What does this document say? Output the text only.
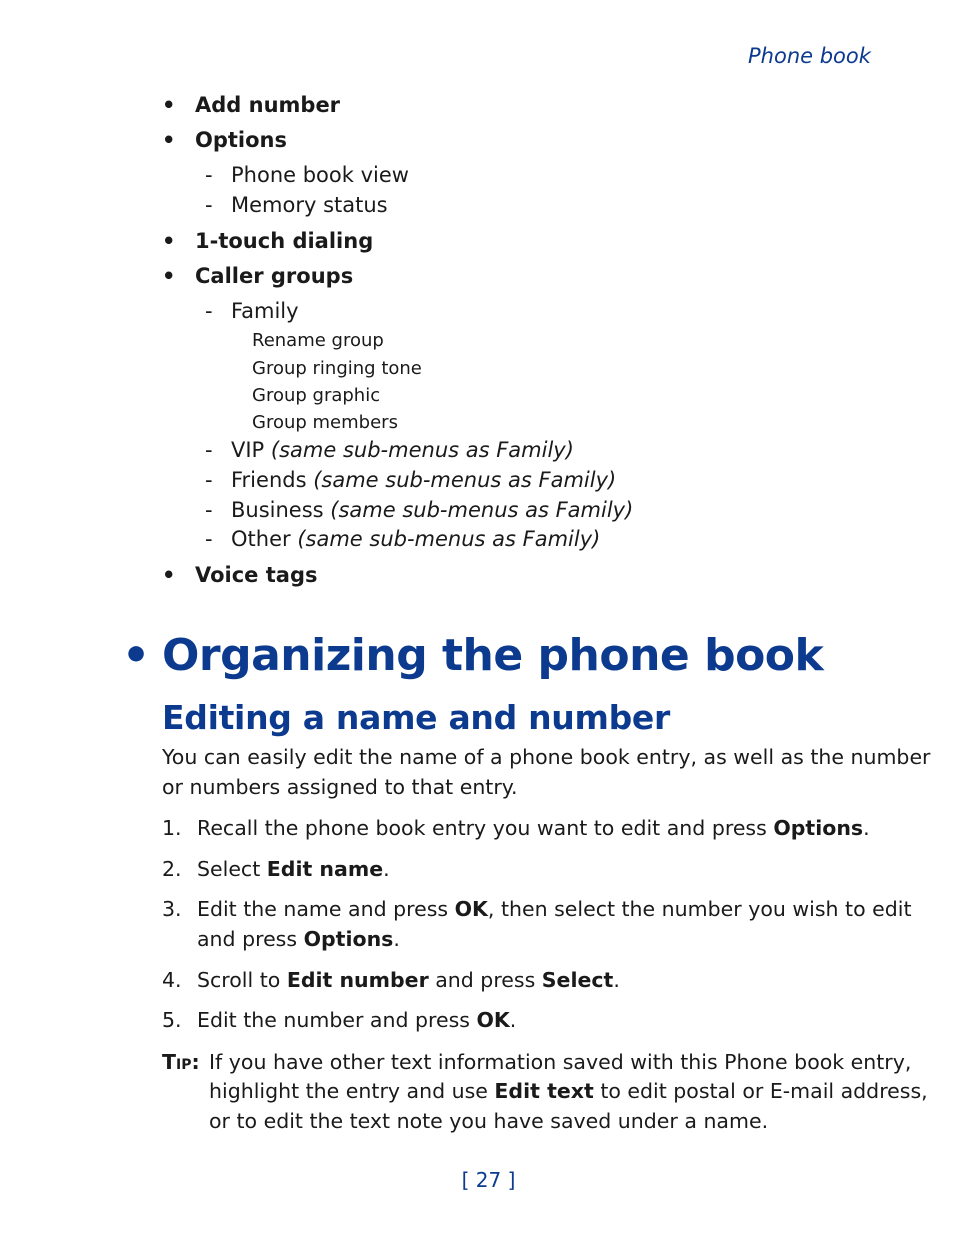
Phone book
• Add number
• Options
- Phone book view
- Memory status
• 1-touch dialing
• Caller groups
- Family
Rename group
Group ringing tone
Group graphic
Group members
- VIP (same sub-menus as Family)
- Friends (same sub-menus as Family)
- Business (same sub-menus as Family)
- Other (same sub-menus as Family)
• Voice tags
• Organizing the phone book
Editing a name and number
You can easily edit the name of a phone book entry, as well as the number
or numbers assigned to that entry.
1. Recall the phone book entry you want to edit and press Options.
2. Select Edit name.
3. Edit the name and press OK, then select the number you wish to edit
and press Options.
4. Scroll to Edit number and press Select.
5. Edit the number and press OK.
Tip: If you have other text information saved with this Phone book entry,
highlight the entry and use Edit text to edit postal or E-mail address,
or to edit the text note you have saved under a name.
[ 27 ]
